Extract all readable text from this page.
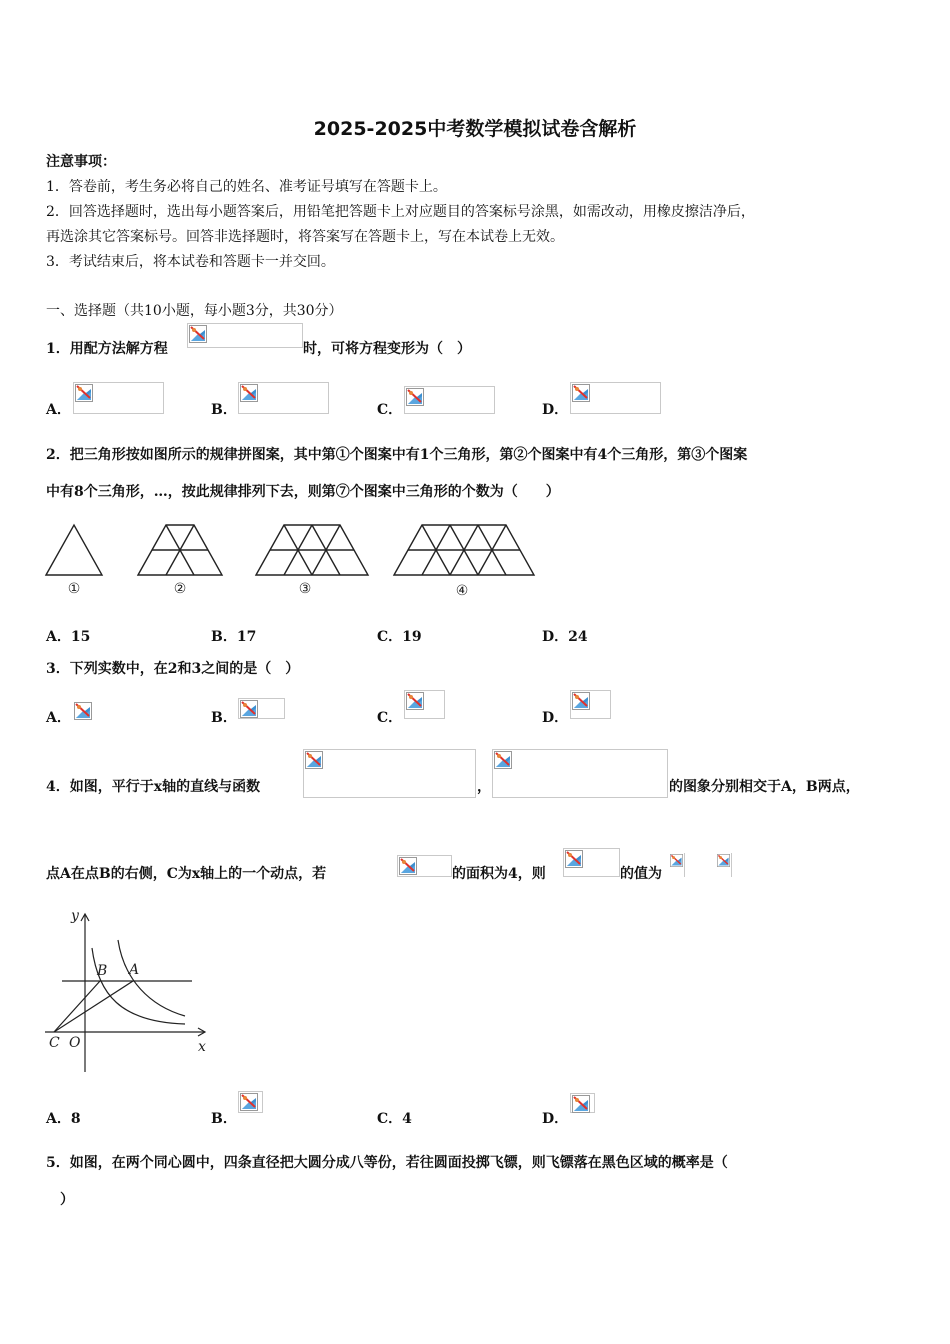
2025-2025中考数学模拟试卷含解析
注意事项：
1．答卷前，考生务必将自己的姓名、准考证号填写在答题卡上。
2．回答选择题时，选出每小题答案后，用铅笔把答题卡上对应题目的答案标号涂黑，如需改动，用橡皮擦洁净后，
再选涂其它答案标号。回答非选择题时，将答案写在答题卡上，写在本试卷上无效。
3．考试结束后，将本试卷和答题卡一并交回。
一、选择题（共10小题，每小题3分，共30分）
1．用配方法解方程	时，可将方程变形为（　）
A．	B．	C．	D．
2．把三角形按如图所示的规律拼图案，其中第①个图案中有1个三角形，第②个图案中有4个三角形，第③个图案
中有8个三角形，…，按此规律排列下去，则第⑦个图案中三角形的个数为（　　）
①	②	③	④
A．15	B．17	C．19	D．24
3．下列实数中，在2和3之间的是（　）
A．	B．	C．	D．
4．如图，平行于x轴的直线与函数	，	的图象分别相交于A，B两点，
点A在点B的右侧，C为x轴上的一个动点，若	的面积为4，则	的值为
y
x
B A
C O
A．8	B．	C．4	D．
5．如图，在两个同心圆中，四条直径把大圆分成八等份，若往圆面投掷飞镖，则飞镖落在黑色区域的概率是（
）
